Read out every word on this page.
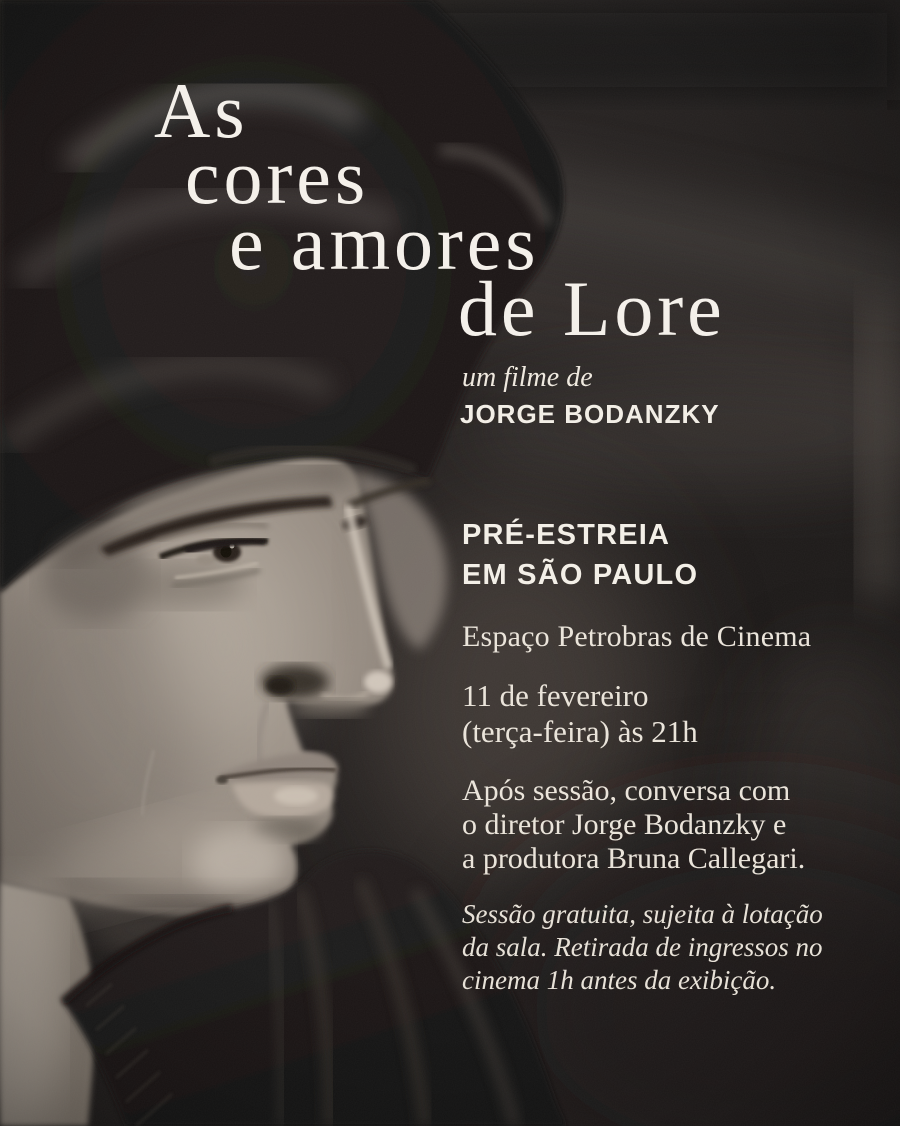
As
cores
e amores
de Lore
um filme de
JORGE BODANZKY
PRÉ-ESTREIA
EM SÃO PAULO
Espaço Petrobras de Cinema
11 de fevereiro
(terça-feira) às 21h
Após sessão, conversa com
o diretor Jorge Bodanzky e
a produtora Bruna Callegari.
Sessão gratuita, sujeita à lotação
da sala. Retirada de ingressos no
cinema 1h antes da exibição.
